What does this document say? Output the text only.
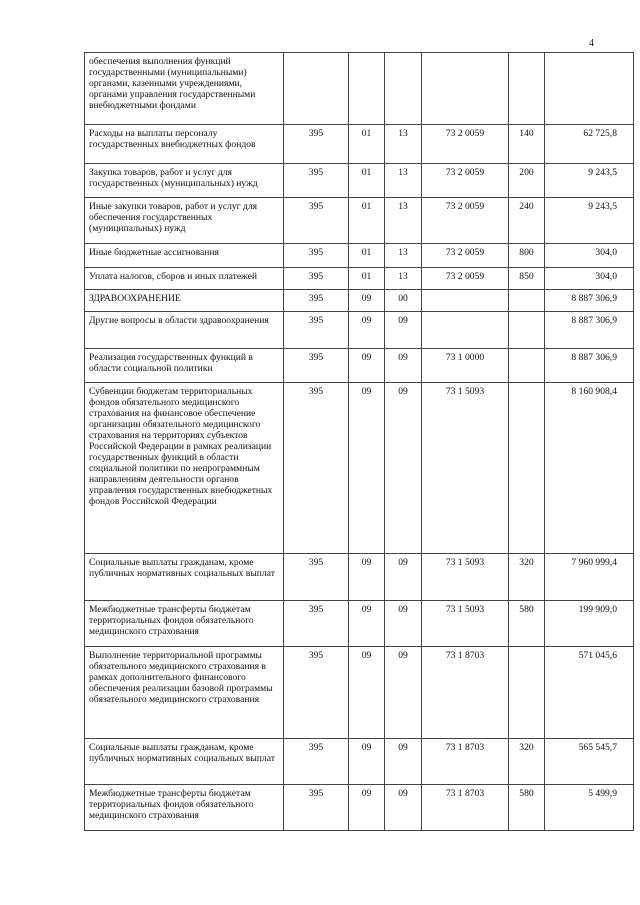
4
обеспечения выполнения функций государственными (муниципальными) органами, казенными учреждениями, органами управления государственными внебюджетными фондами						
Расходы на выплаты персоналу государственных внебюджетных фондов	395	01	13	73 2 0059	140	62 725,8
Закупка товаров, работ и услуг для государственных (муниципальных) нужд	395	01	13	73 2 0059	200	9 243,5
Иные закупки товаров, работ и услуг для обеспечения государственных (муниципальных) нужд	395	01	13	73 2 0059	240	9 243,5
Иные бюджетные ассигнования	395	01	13	73 2 0059	800	304,0
Уплата налогов, сборов и иных платежей	395	01	13	73 2 0059	850	304,0
ЗДРАВООХРАНЕНИЕ	395	09	00			8 887 306,9
Другие вопросы в области здравоохранения	395	09	09			8 887 306,9
Реализация государственных функций в области социальной политики	395	09	09	73 1 0000		8 887 306,9
Субвенции бюджетам территориальных фондов обязательного медицинского страхования на финансовое обеспечение организации обязательного медицинского страхования на территориях субъектов Российской Федерации в рамках реализации государственных функций в области социальной политики по непрограммным направлениям деятельности органов управления государственных внебюджетных фондов Российской Федерации	395	09	09	73 1 5093		8 160 908,4
Социальные выплаты гражданам, кроме публичных нормативных социальных выплат	395	09	09	73 1 5093	320	7 960 999,4
Межбюджетные трансферты бюджетам территориальных фондов обязательного медицинского страхования	395	09	09	73 1 5093	580	199 909,0
Выполнение территориальной программы обязательного медицинского страхования в рамках дополнительного финансового обеспечения реализации базовой программы обязательного медицинского страхования	395	09	09	73 1 8703		571 045,6
Социальные выплаты гражданам, кроме публичных нормативных социальных выплат	395	09	09	73 1 8703	320	565 545,7
Межбюджетные трансферты бюджетам территориальных фондов обязательного медицинского страхования	395	09	09	73 1 8703	580	5 499,9
